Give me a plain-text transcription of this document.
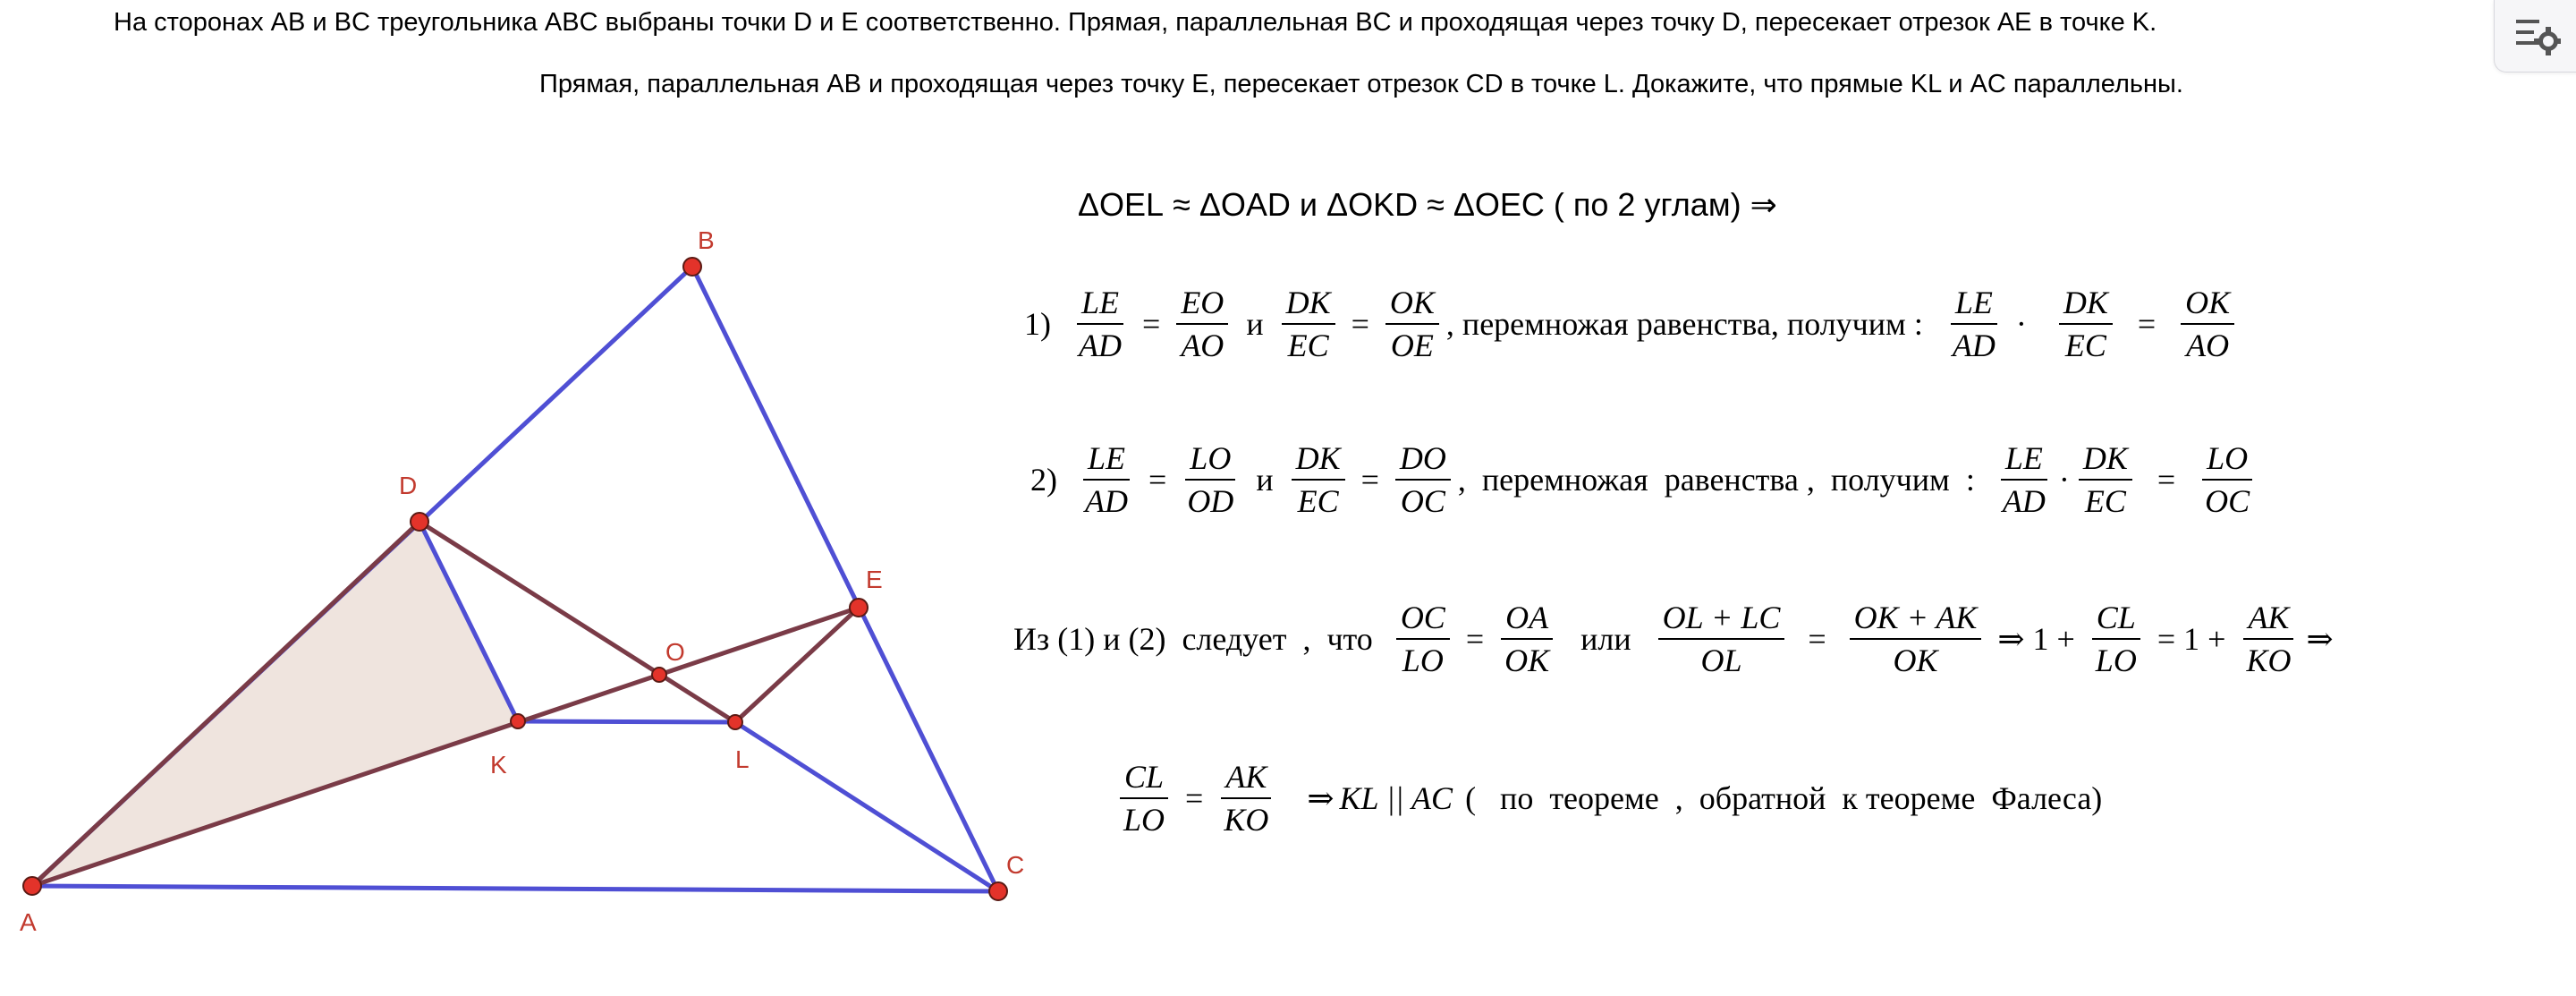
На сторонах AB и BC треугольника ABC выбраны точки D и E соответственно. Прямая, параллельная BC и проходящая через точку D, пересекает отрезок AE в точке K.
Прямая, параллельная AB и проходящая через точку E, пересекает отрезок CD в точке L. Докажите, что прямые KL и AC параллельны.
A
B
C
D
E
O
K	L
ΔOEL ≈ ΔOAD и ΔOKD ≈ ΔOEC ( по 2 углам) ⇒
$1) \frac{LE}{AD} = \frac{EO}{AO}$ и $\frac{DK}{EC} = \frac{OK}{OE}$ , перемножая равенства, получим : $\frac{LE}{AD} \cdot \frac{DK}{EC} = \frac{OK}{AO}$
$2) \frac{LE}{AD} = \frac{LO}{OD}$ и $\frac{DK}{EC} = \frac{DO}{OC}$ ,  перемножая  равенства ,  получим  : $\frac{LE}{AD} \cdot \frac{DK}{EC} = \frac{LO}{OC}$
Из (1) и (2)  следует  ,  что $\frac{OC}{LO} = \frac{OA}{OK}$ или $\frac{OL + LC}{OL} = \frac{OK + AK}{OK}$ ⇒ $1 + \frac{CL}{LO} = 1 + \frac{AK}{KO}$ ⇒
$\frac{CL}{LO} = \frac{AK}{KO}$ ⇒ KL || AC (   по  теореме  ,  обратной  к теореме  Фалеса)
